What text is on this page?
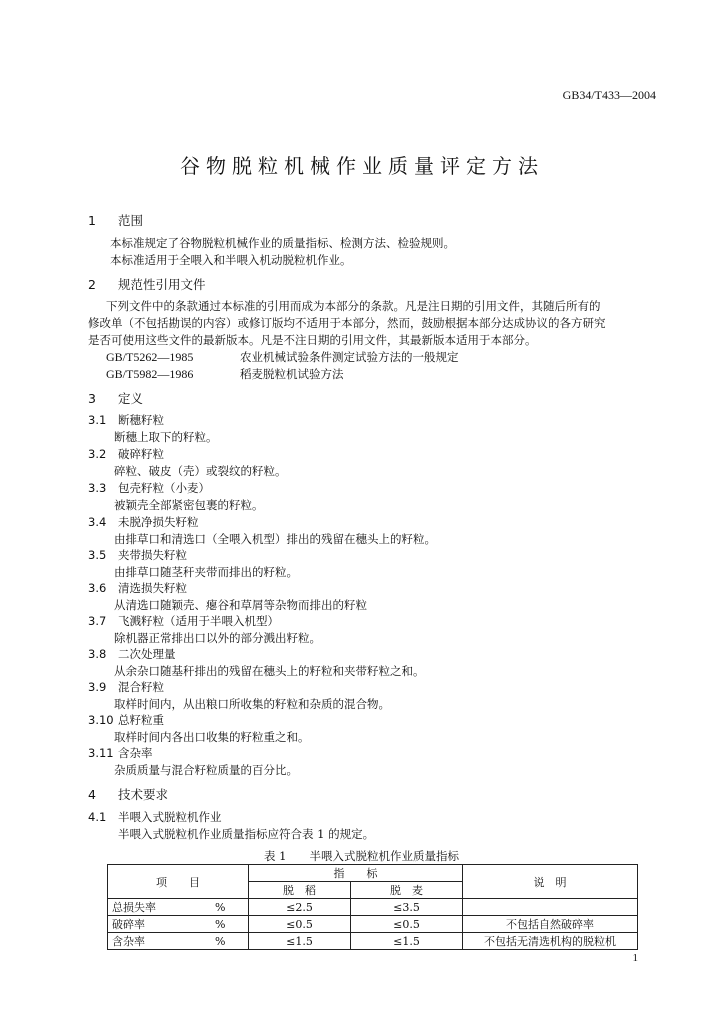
GB34/T433—2004
谷物脱粒机械作业质量评定方法
1 范围
本标准规定了谷物脱粒机械作业的质量指标、检测方法、检验规则。
本标准适用于全喂入和半喂入机动脱粒机作业。
2 规范性引用文件
下列文件中的条款通过本标准的引用而成为本部分的条款。凡是注日期的引用文件，其随后所有的
修改单（不包括勘误的内容）或修订版均不适用于本部分，然而，鼓励根据本部分达成协议的各方研究
是否可使用这些文件的最新版本。凡是不注日期的引用文件，其最新版本适用于本部分。
GB/T5262—1985	农业机械试验条件测定试验方法的一般规定
GB/T5982—1986	稻麦脱粒机试验方法
3 定义
3.1 断穗籽粒
断穗上取下的籽粒。
3.2 破碎籽粒
碎粒、破皮（壳）或裂纹的籽粒。
3.3 包壳籽粒（小麦）
被颖壳全部紧密包裹的籽粒。
3.4 未脱净损失籽粒
由排草口和清选口（全喂入机型）排出的残留在穗头上的籽粒。
3.5 夹带损失籽粒
由排草口随茎秆夹带而排出的籽粒。
3.6 清选损失籽粒
从清选口随颖壳、瘪谷和草屑等杂物而排出的籽粒
3.7 飞溅籽粒（适用于半喂入机型）
除机器正常排出口以外的部分溅出籽粒。
3.8 二次处理量
从余杂口随基秆排出的残留在穗头上的籽粒和夹带籽粒之和。
3.9 混合籽粒
取样时间内，从出粮口所收集的籽粒和杂质的混合物。
3.10 总籽粒重
取样时间内各出口收集的籽粒重之和。
3.11 含杂率
杂质质量与混合籽粒质量的百分比。
4 技术要求
4.1 半喂入式脱粒机作业
半喂入式脱粒机作业质量指标应符合表 1 的规定。
表 1　　半喂入式脱粒机作业质量指标
项　　目		指　　标		说　明
		脱　稻	脱　麦	
总损失率	%	≤2.5	≤3.5	
破碎率	%	≤0.5	≤0.5	不包括自然破碎率
含杂率	%	≤1.5	≤1.5	不包括无清选机构的脱粒机
1
